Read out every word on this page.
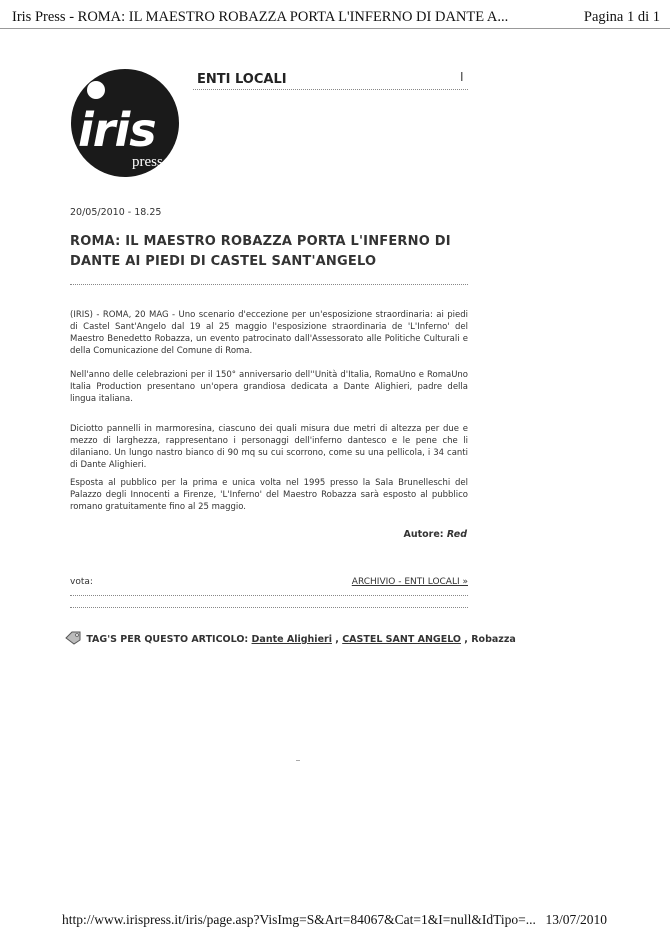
Iris Press - ROMA: IL MAESTRO ROBAZZA PORTA L'INFERNO DI DANTE A...	Pagina 1 di 1
iris
press
ENTI LOCALI	I
20/05/2010 - 18.25
ROMA: IL MAESTRO ROBAZZA PORTA L'INFERNO DI
DANTE AI PIEDI DI CASTEL SANT'ANGELO
(IRIS) - ROMA, 20 MAG - Uno scenario d'eccezione per un'esposizione straordinaria: ai piedi di Castel Sant'Angelo dal 19 al 25 maggio l'esposizione straordinaria de 'L'Inferno' del Maestro Benedetto Robazza, un evento patrocinato dall'Assessorato alle Politiche Culturali e della Comunicazione del Comune di Roma.
Nell'anno delle celebrazioni per il 150° anniversario dell''Unità d'Italia, RomaUno e RomaUno Italia Production presentano un'opera grandiosa dedicata a Dante Alighieri, padre della lingua italiana.
Diciotto pannelli in marmoresina, ciascuno dei quali misura due metri di altezza per due e mezzo di larghezza, rappresentano i personaggi dell'inferno dantesco e le pene che li dilaniano. Un lungo nastro bianco di 90 mq su cui scorrono, come su una pellicola, i 34 canti di Dante Alighieri.
Esposta al pubblico per la prima e unica volta nel 1995 presso la Sala Brunelleschi del Palazzo degli Innocenti a Firenze, 'L'Inferno' del Maestro Robazza sarà esposto al pubblico romano gratuitamente fino al 25 maggio.
Autore: Red
vota:	ARCHIVIO - ENTI LOCALI »
TAG'S PER QUESTO ARTICOLO: Dante Alighieri , CASTEL SANT ANGELO , Robazza
http://www.irispress.it/iris/page.asp?VisImg=S&Art=84067&Cat=1&I=null&IdTipo=... 13/07/2010
